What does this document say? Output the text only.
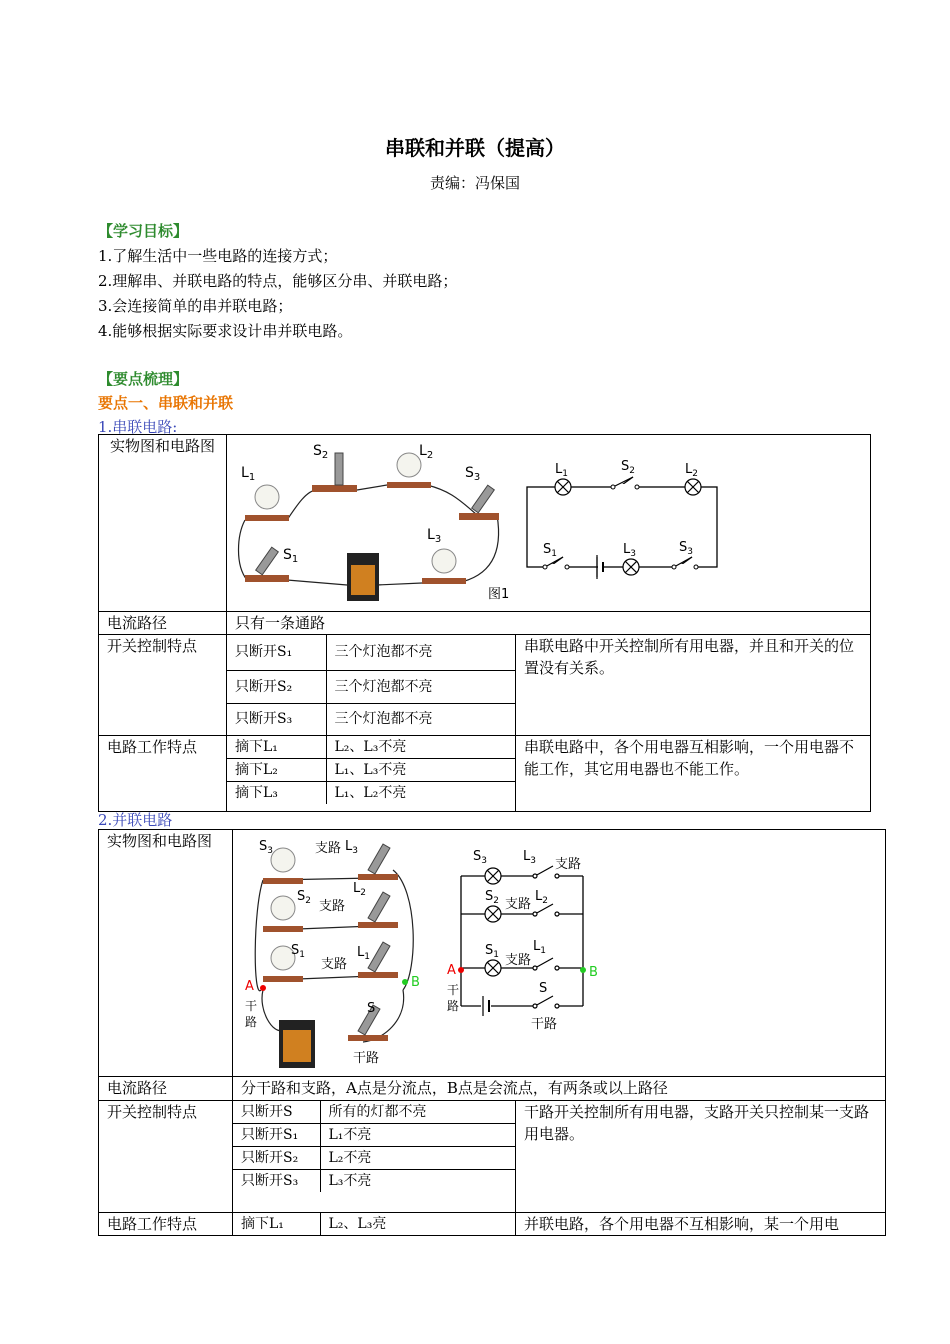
串联和并联（提高）
责编：冯保国
【学习目标】
1.了解生活中一些电路的连接方式；
2.理解串、并联电路的特点，能够区分串、并联电路；
3.会连接简单的串并联电路；
4.能够根据实际要求设计串并联电路。
【要点梳理】
要点一、串联和并联
1.串联电路:
实物图和电路图	
$L_1$
$S_2$	$L_2$
$S_3$
$S_1$
$L_3$
图1
$L_1$	$S_2$	$L_2$
$S_1$	$L_3$	$S_3$

电流路径	只有一条通路
开关控制特点		只断开S₁	三个灯泡都不亮
只断开S₂	三个灯泡都不亮
只断开S₃	三个灯泡都不亮
	串联电路中开关控制所有用电器，并且和开关的位置没有关系。
电路工作特点		摘下L₁	L₂、L₃不亮
摘下L₂	L₁、L₃不亮
摘下L₃	L₁、L₂不亮
	串联电路中，各个用电器互相影响，一个用电器不能工作，其它用电器也不能工作。
2.并联电路
实物图和电路图	$S_3$	$L_3$
$S_2$
$L_2$
$S_1$	$L_1$
S
A	B
支路
支路
支路
干
路
干路
$S_3$	$L_3$
$S_2$	$L_2$
$S_1$
$L_1$
S
A	B
支路
支路
支路
干
路
干路

电流路径	分干路和支路，A点是分流点，B点是会流点，有两条或以上路径
开关控制特点		只断开S	所有的灯都不亮
只断开S₁	L₁不亮
只断开S₂	L₂不亮
只断开S₃	L₃不亮
	干路开关控制所有用电器，支路开关只控制某一支路用电器。
电路工作特点		摘下L₁	L₂、L₃亮
		并联电路，各个用电器不互相影响，某一个用电
